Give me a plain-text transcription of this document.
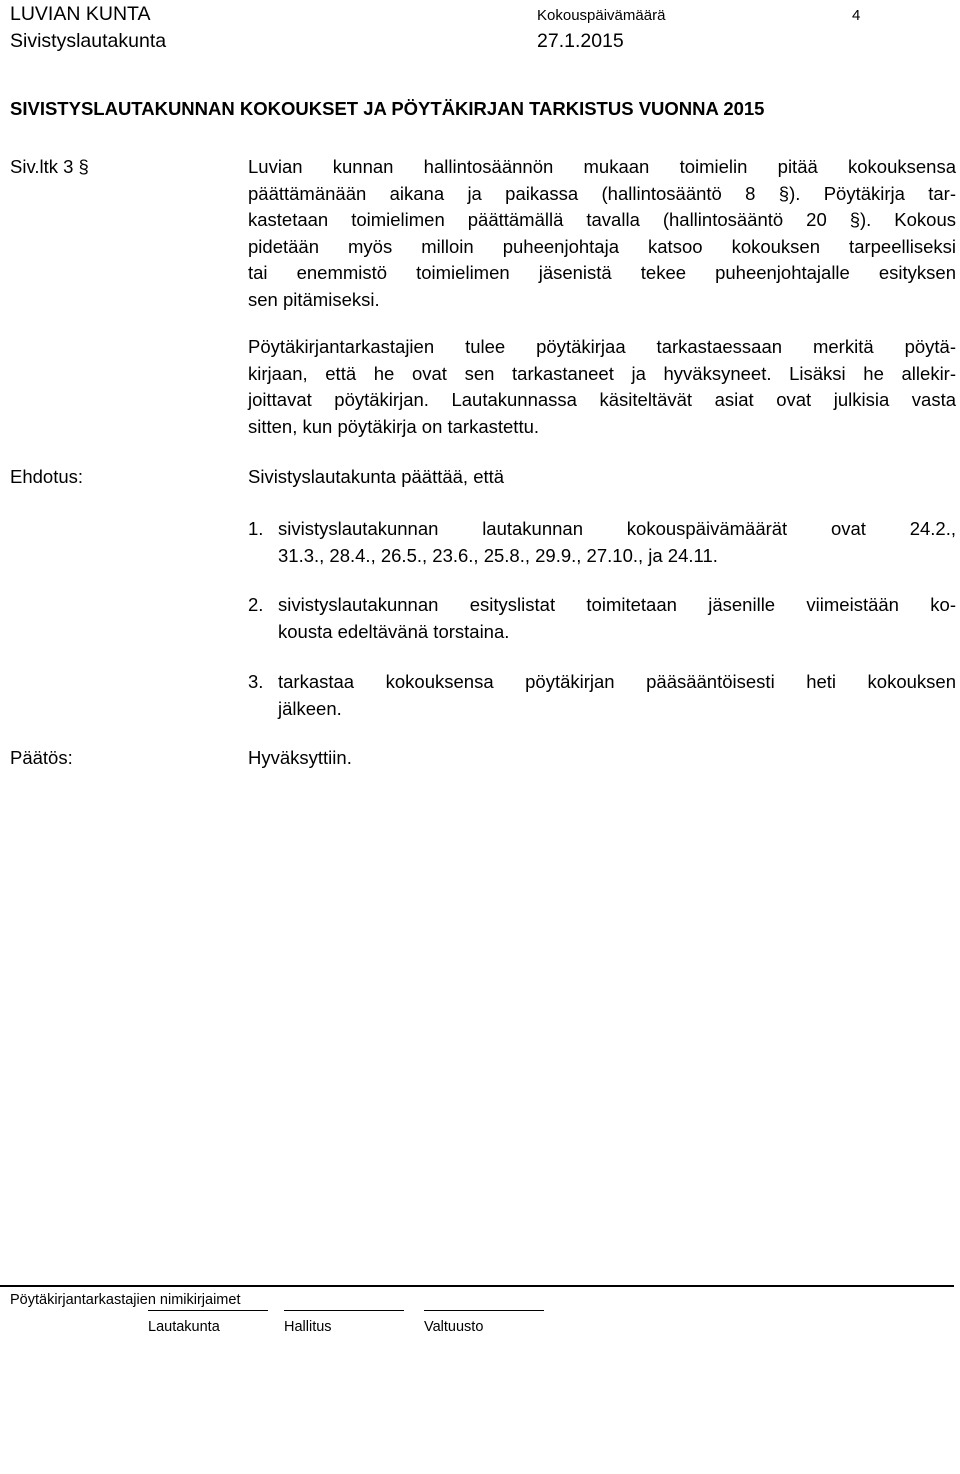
LUVIAN KUNTA
Sivistyslautakunta
Kokouspäivämäärä
27.1.2015
4
SIVISTYSLAUTAKUNNAN KOKOUKSET JA PÖYTÄKIRJAN TARKISTUS VUONNA 2015
Siv.ltk 3 §	Luvian kunnan hallintosäännön mukaan toimielin pitää kokouksensa
päättämänään aikana ja paikassa (hallintosääntö 8 §). Pöytäkirja tar-
kastetaan toimielimen päättämällä tavalla (hallintosääntö 20 §). Kokous
pidetään myös milloin puheenjohtaja katsoo kokouksen tarpeelliseksi
tai enemmistö toimielimen jäsenistä tekee puheenjohtajalle esityksen
sen pitämiseksi.
Pöytäkirjantarkastajien tulee pöytäkirjaa tarkastaessaan merkitä pöytä-
kirjaan, että he ovat sen tarkastaneet ja hyväksyneet. Lisäksi he allekir-
joittavat pöytäkirjan. Lautakunnassa käsiteltävät asiat ovat julkisia vasta
sitten, kun pöytäkirja on tarkastettu.
Ehdotus:	Sivistyslautakunta päättää, että
1. sivistyslautakunnan lautakunnan kokouspäivämäärät ovat 24.2.,
31.3., 28.4., 26.5., 23.6., 25.8., 29.9., 27.10., ja 24.11.
2. sivistyslautakunnan esityslistat toimitetaan jäsenille viimeistään ko-
kousta edeltävänä torstaina.
3. tarkastaa kokouksensa pöytäkirjan pääsääntöisesti heti kokouksen
jälkeen.
Päätös:	Hyväksyttiin.
Pöytäkirjantarkastajien nimikirjaimet
Lautakunta	Hallitus	Valtuusto
